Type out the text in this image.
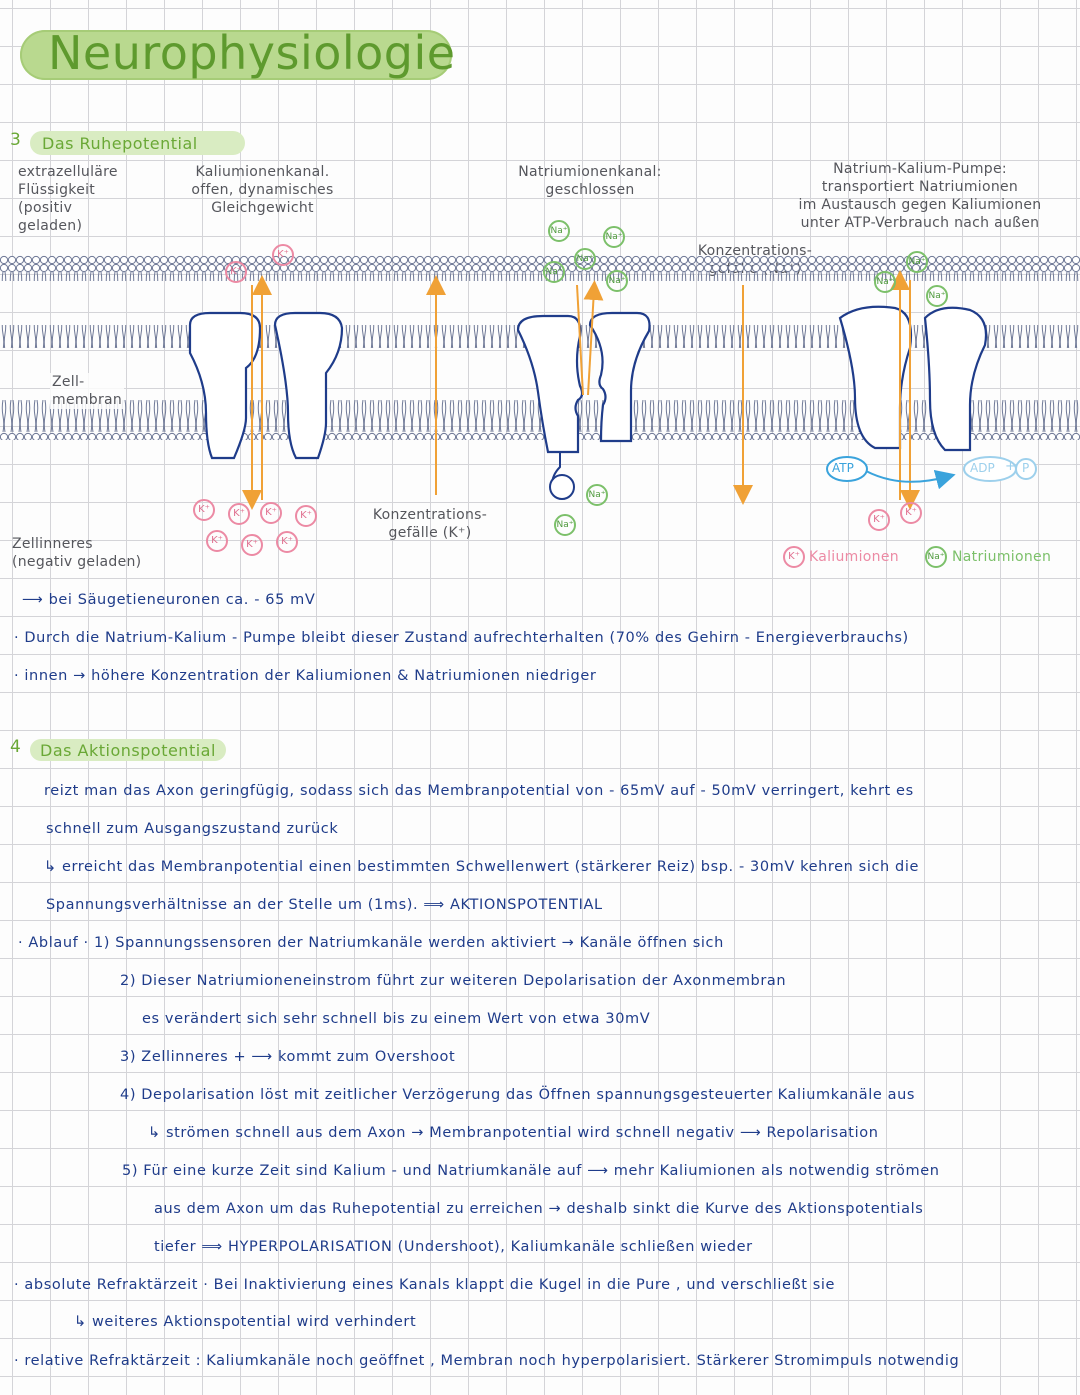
Neurophysiologie
3 Das Ruhepotential
extrazelluläre
Flüssigkeit
(positiv
geladen)
Kaliumionenkanal.
offen, dynamisches
Gleichgewicht
Natriumionenkanal:
geschlossen
Natrium-Kalium-Pumpe:
transportiert Natriumionen
im Austausch gegen Kaliumionen
unter ATP-Verbrauch nach außen
ATP	ADP + P
Zell-
membran
K⁺
K⁺
K⁺	K⁺	K⁺	K⁺
K⁺	K⁺	K⁺
Na⁺
Na⁺
Na⁺
Na⁺
Na⁺
Na⁺
Na⁺
Na⁺
Na⁺
Na⁺
K⁺
K⁺
Konzentrations-
gefälle (K⁺)
Zellinneres
(negativ geladen)	K⁺ Kaliumionen	Na⁺ Natriumionen
⟶ bei Säugetieneuronen ca. - 65 mV
· Durch die Natrium-Kalium - Pumpe bleibt dieser Zustand aufrechterhalten (70% des Gehirn - Energieverbrauchs)
· innen → höhere Konzentration der Kaliumionen & Natriumionen niedriger
4 Das Aktionspotential
reizt man das Axon geringfügig, sodass sich das Membranpotential von - 65mV auf - 50mV verringert, kehrt es
schnell zum Ausgangszustand zurück
↳ erreicht das Membranpotential einen bestimmten Schwellenwert (stärkerer Reiz) bsp. - 30mV kehren sich die
Spannungsverhältnisse an der Stelle um (1ms). ⟹ AKTIONSPOTENTIAL
· Ablauf · 1) Spannungssensoren der Natriumkanäle werden aktiviert → Kanäle öffnen sich
2) Dieser Natriumioneneinstrom führt zur weiteren Depolarisation der Axonmembran
es verändert sich sehr schnell bis zu einem Wert von etwa 30mV
3) Zellinneres + ⟶ kommt zum Overshoot
4) Depolarisation löst mit zeitlicher Verzögerung das Öffnen spannungsgesteuerter Kaliumkanäle aus
↳ strömen schnell aus dem Axon → Membranpotential wird schnell negativ ⟶ Repolarisation
5) Für eine kurze Zeit sind Kalium - und Natriumkanäle auf ⟶ mehr Kaliumionen als notwendig strömen
aus dem Axon um das Ruhepotential zu erreichen → deshalb sinkt die Kurve des Aktionspotentials
tiefer ⟹ HYPERPOLARISATION (Undershoot), Kaliumkanäle schließen wieder
· absolute Refraktärzeit · Bei Inaktivierung eines Kanals klappt die Kugel in die Pure , und verschließt sie
↳ weiteres Aktionspotential wird verhindert
· relative Refraktärzeit : Kaliumkanäle noch geöffnet , Membran noch hyperpolarisiert. Stärkerer Stromimpuls notwendig
